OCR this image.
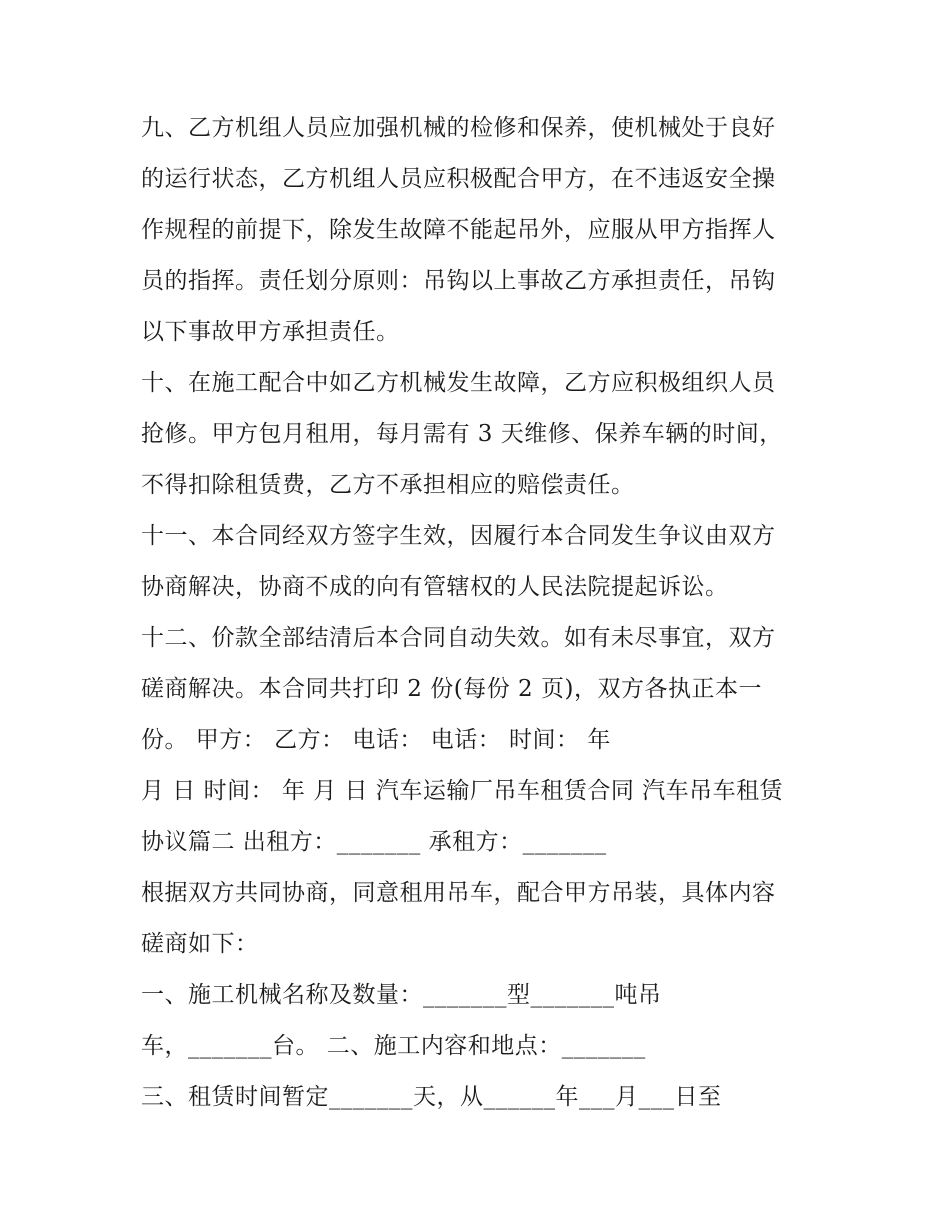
九、乙方机组人员应加强机械的检修和保养，使机械处于良好
的运行状态，乙方机组人员应积极配合甲方，在不违返安全操
作规程的前提下，除发生故障不能起吊外，应服从甲方指挥人
员的指挥。责任划分原则：吊钩以上事故乙方承担责任，吊钩
以下事故甲方承担责任。
十、在施工配合中如乙方机械发生故障，乙方应积极组织人员
抢修。甲方包月租用，每月需有 3 天维修、保养车辆的时间，
不得扣除租赁费，乙方不承担相应的赔偿责任。
十一、本合同经双方签字生效，因履行本合同发生争议由双方
协商解决，协商不成的向有管辖权的人民法院提起诉讼。
十二、价款全部结清后本合同自动失效。如有未尽事宜，双方
磋商解决。本合同共打印 2 份(每份 2 页)，双方各执正本一
份。 甲方： 乙方： 电话： 电话： 时间： 年
月 日 时间： 年 月 日 汽车运输厂吊车租赁合同 汽车吊车租赁
协议篇二 出租方：_______ 承租方：_______
根据双方共同协商，同意租用吊车，配合甲方吊装，具体内容
磋商如下：
一、施工机械名称及数量：_______型_______吨吊
车，_______台。 二、施工内容和地点：_______
三、租赁时间暂定_______天，从______年___月___日至
